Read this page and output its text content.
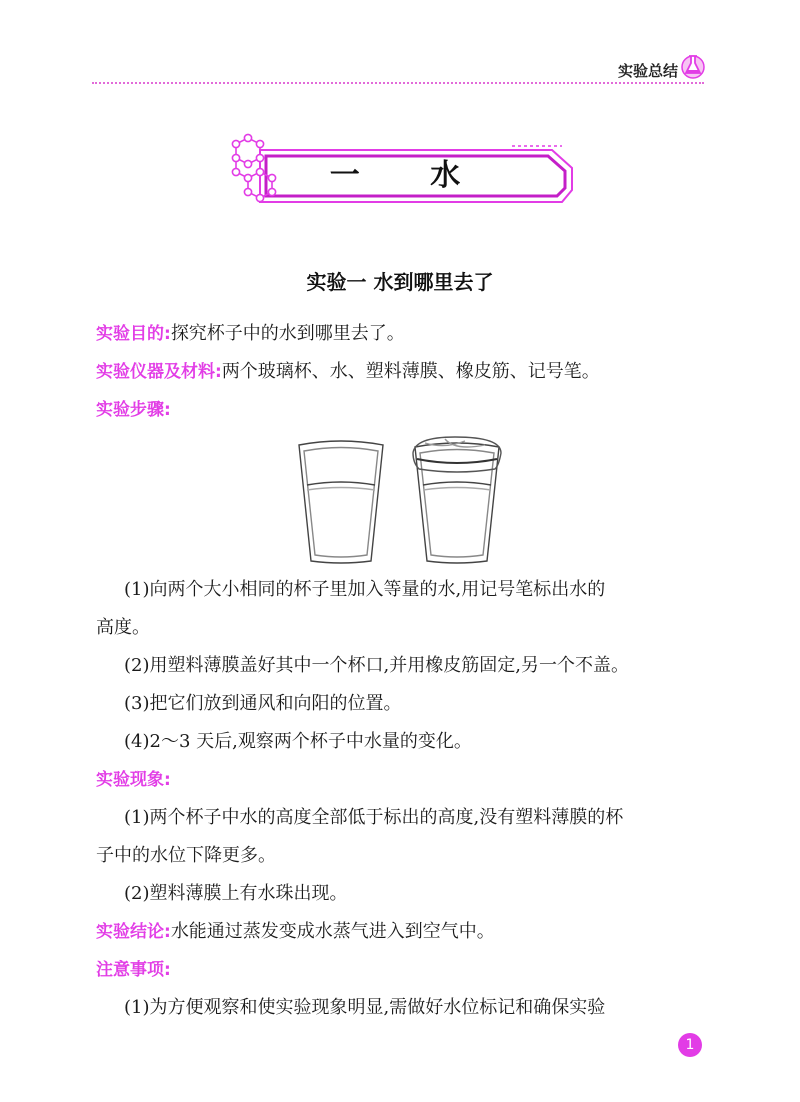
实验总结
一 水
实验一 水到哪里去了
实验目的:探究杯子中的水到哪里去了。
实验仪器及材料:两个玻璃杯、水、塑料薄膜、橡皮筋、记号笔。
实验步骤:
(1)向两个大小相同的杯子里加入等量的水,用记号笔标出水的
高度。
(2)用塑料薄膜盖好其中一个杯口,并用橡皮筋固定,另一个不盖。
(3)把它们放到通风和向阳的位置。
(4)2～3 天后,观察两个杯子中水量的变化。
实验现象:
(1)两个杯子中水的高度全部低于标出的高度,没有塑料薄膜的杯
子中的水位下降更多。
(2)塑料薄膜上有水珠出现。
实验结论:水能通过蒸发变成水蒸气进入到空气中。
注意事项:
(1)为方便观察和使实验现象明显,需做好水位标记和确保实验
1
